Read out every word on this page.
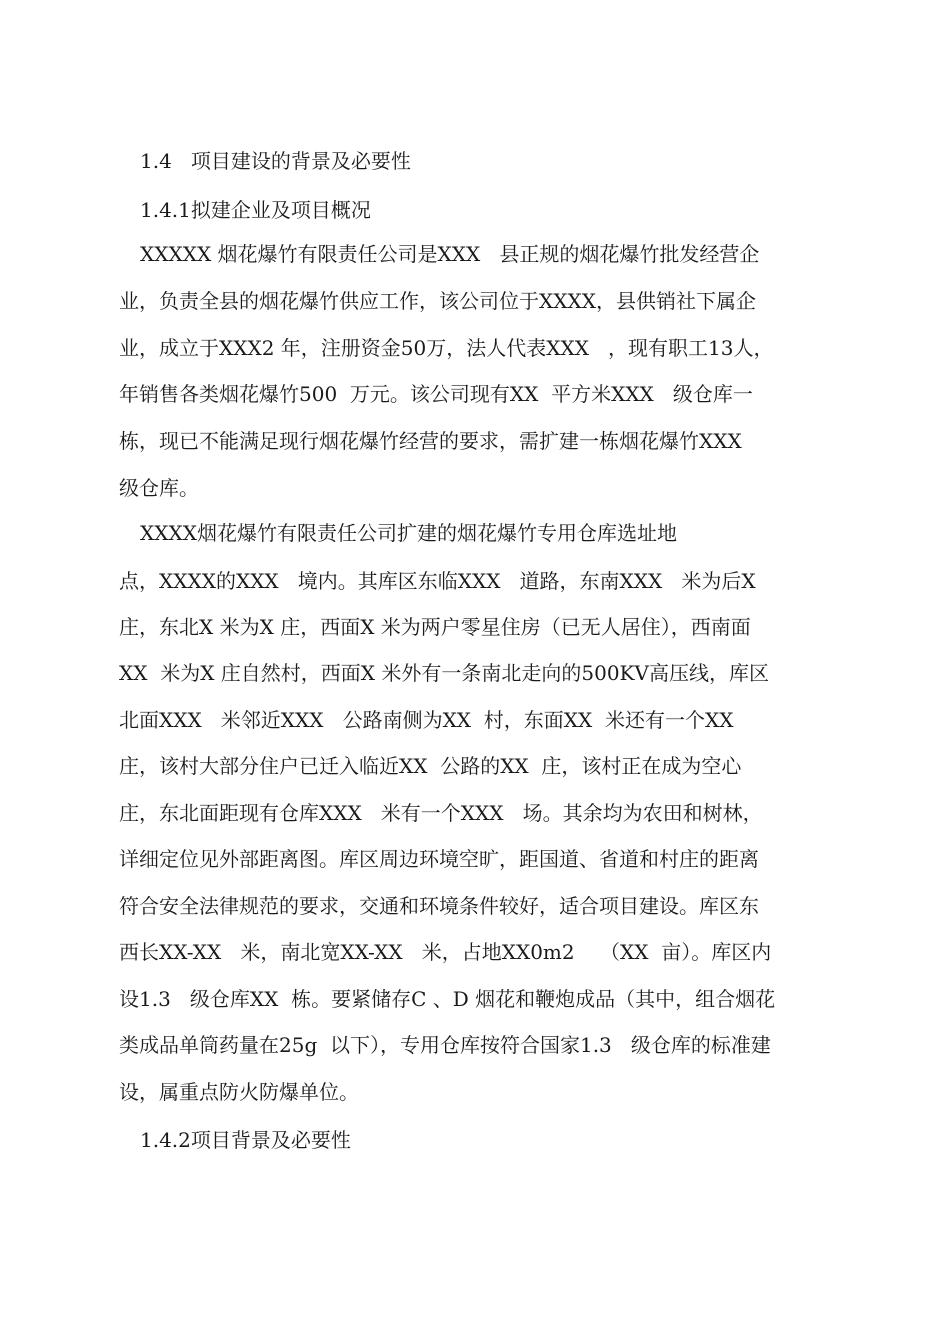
1.4   项目建设的背景及必要性
1.4.1拟建企业及项目概况
XXXXX 烟花爆竹有限责任公司是XXX   县正规的烟花爆竹批发经营企
业，负责全县的烟花爆竹供应工作，该公司位于XXXX，县供销社下属企
业，成立于XXX2 年，注册资金50万，法人代表XXX   ，现有职工13人，
年销售各类烟花爆竹500  万元。该公司现有XX  平方米XXX   级仓库一
栋，现已不能满足现行烟花爆竹经营的要求，需扩建一栋烟花爆竹XXX
级仓库。
XXXX烟花爆竹有限责任公司扩建的烟花爆竹专用仓库选址地
点，XXXX的XXX   境内。其库区东临XXX   道路，东南XXX   米为后X
庄，东北X 米为X 庄，西面X 米为两户零星住房（已无人居住），西南面
XX  米为X 庄自然村，西面X 米外有一条南北走向的500KV高压线，库区
北面XXX   米邻近XXX   公路南侧为XX  村，东面XX  米还有一个XX
庄，该村大部分住户已迁入临近XX  公路的XX  庄，该村正在成为空心
庄，东北面距现有仓库XXX   米有一个XXX   场。其余均为农田和树林，
详细定位见外部距离图。库区周边环境空旷，距国道、省道和村庄的距离
符合安全法律规范的要求，交通和环境条件较好，适合项目建设。库区东
西长XX-XX   米，南北宽XX-XX   米，占地XX0m2    （XX  亩）。库区内
设1.3   级仓库XX  栋。要紧储存C 、D 烟花和鞭炮成品（其中，组合烟花
类成品单筒药量在25g  以下），专用仓库按符合国家1.3   级仓库的标准建
设，属重点防火防爆单位。
1.4.2项目背景及必要性
